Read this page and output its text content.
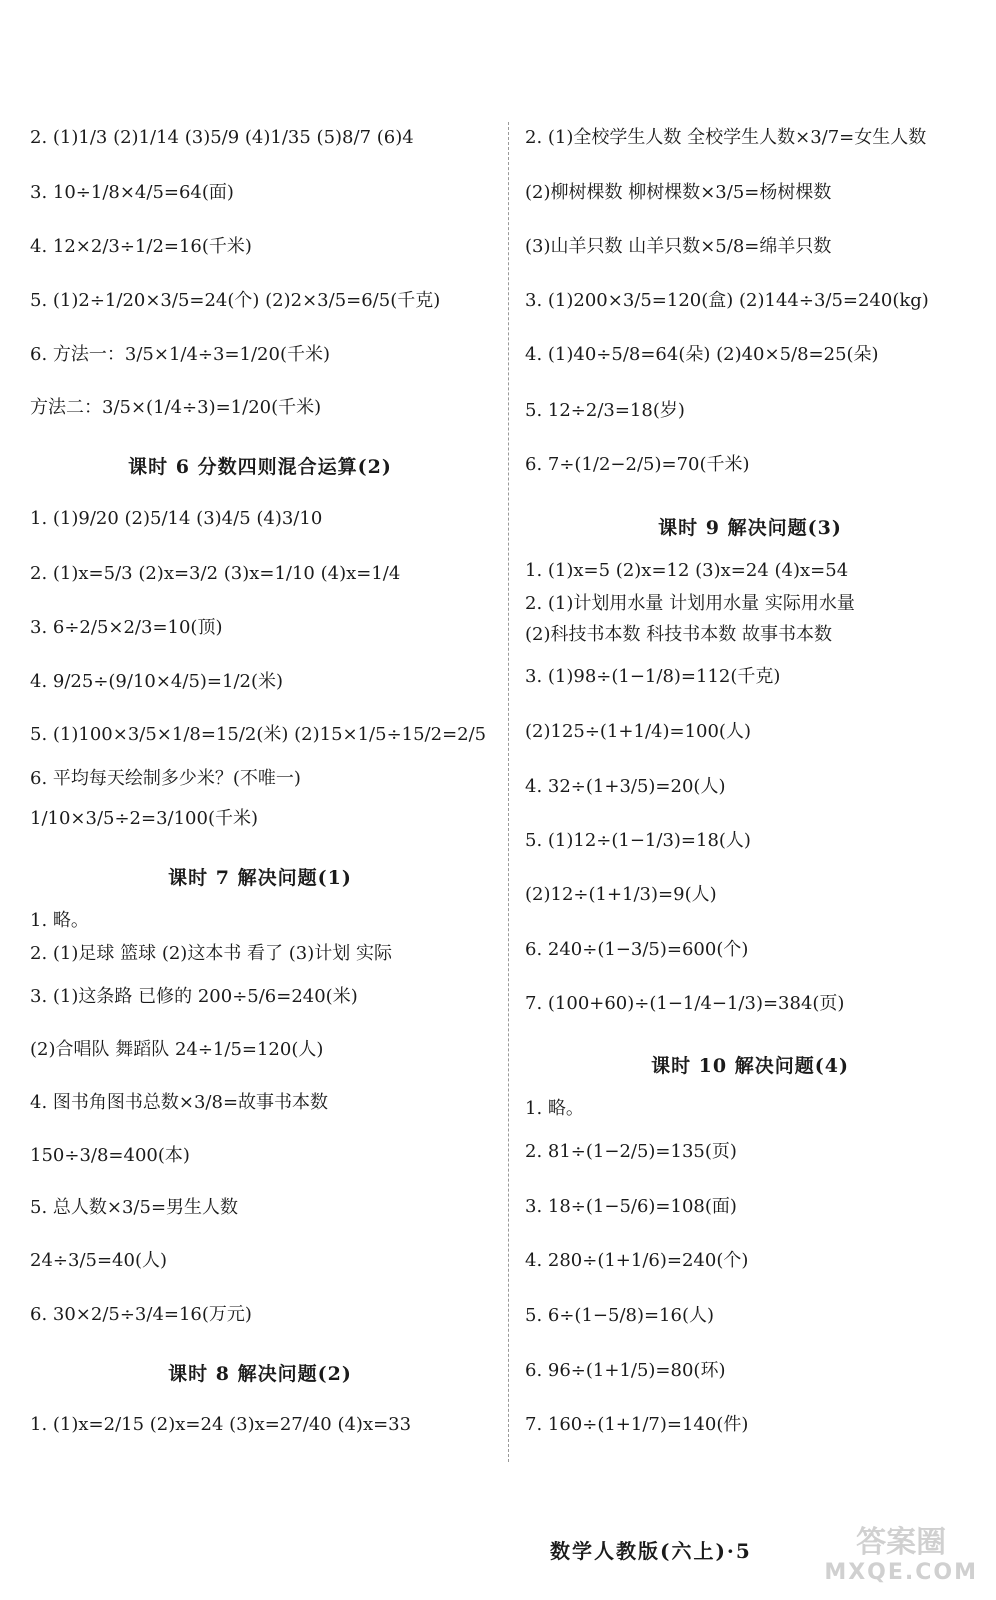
2. (1)1/3 (2)1/14 (3)5/9 (4)1/35 (5)8/7 (6)4
3. 10÷1/8×4/5=64(面)
4. 12×2/3÷1/2=16(千米)
5. (1)2÷1/20×3/5=24(个) (2)2×3/5=6/5(千克)
6. 方法一：3/5×1/4÷3=1/20(千米)
方法二：3/5×(1/4÷3)=1/20(千米)
课时 6 分数四则混合运算(2)
1. (1)9/20 (2)5/14 (3)4/5 (4)3/10
2. (1)x=5/3 (2)x=3/2 (3)x=1/10 (4)x=1/4
3. 6÷2/5×2/3=10(顶)
4. 9/25÷(9/10×4/5)=1/2(米)
5. (1)100×3/5×1/8=15/2(米) (2)15×1/5÷15/2=2/5
6. 平均每天绘制多少米？(不唯一)
1/10×3/5÷2=3/100(千米)
课时 7 解决问题(1)
1. 略。
2. (1)足球 篮球 (2)这本书 看了 (3)计划 实际
3. (1)这条路 已修的 200÷5/6=240(米)
(2)合唱队 舞蹈队 24÷1/5=120(人)
4. 图书角图书总数×3/8=故事书本数
150÷3/8=400(本)
5. 总人数×3/5=男生人数
24÷3/5=40(人)
6. 30×2/5÷3/4=16(万元)
课时 8 解决问题(2)
1. (1)x=2/15 (2)x=24 (3)x=27/40 (4)x=33
2. (1)全校学生人数 全校学生人数×3/7=女生人数
(2)柳树棵数 柳树棵数×3/5=杨树棵数
(3)山羊只数 山羊只数×5/8=绵羊只数
3. (1)200×3/5=120(盒) (2)144÷3/5=240(kg)
4. (1)40÷5/8=64(朵) (2)40×5/8=25(朵)
5. 12÷2/3=18(岁)
6. 7÷(1/2−2/5)=70(千米)
课时 9 解决问题(3)
1. (1)x=5 (2)x=12 (3)x=24 (4)x=54
2. (1)计划用水量 计划用水量 实际用水量
(2)科技书本数 科技书本数 故事书本数
3. (1)98÷(1−1/8)=112(千克)
(2)125÷(1+1/4)=100(人)
4. 32÷(1+3/5)=20(人)
5. (1)12÷(1−1/3)=18(人)
(2)12÷(1+1/3)=9(人)
6. 240÷(1−3/5)=600(个)
7. (100+60)÷(1−1/4−1/3)=384(页)
课时 10 解决问题(4)
1. 略。
2. 81÷(1−2/5)=135(页)
3. 18÷(1−5/6)=108(面)
4. 280÷(1+1/6)=240(个)
5. 6÷(1−5/8)=16(人)
6. 96÷(1+1/5)=80(环)
7. 160÷(1+1/7)=140(件)
数学人教版(六上)·5	答案圈
MXQE.COM
